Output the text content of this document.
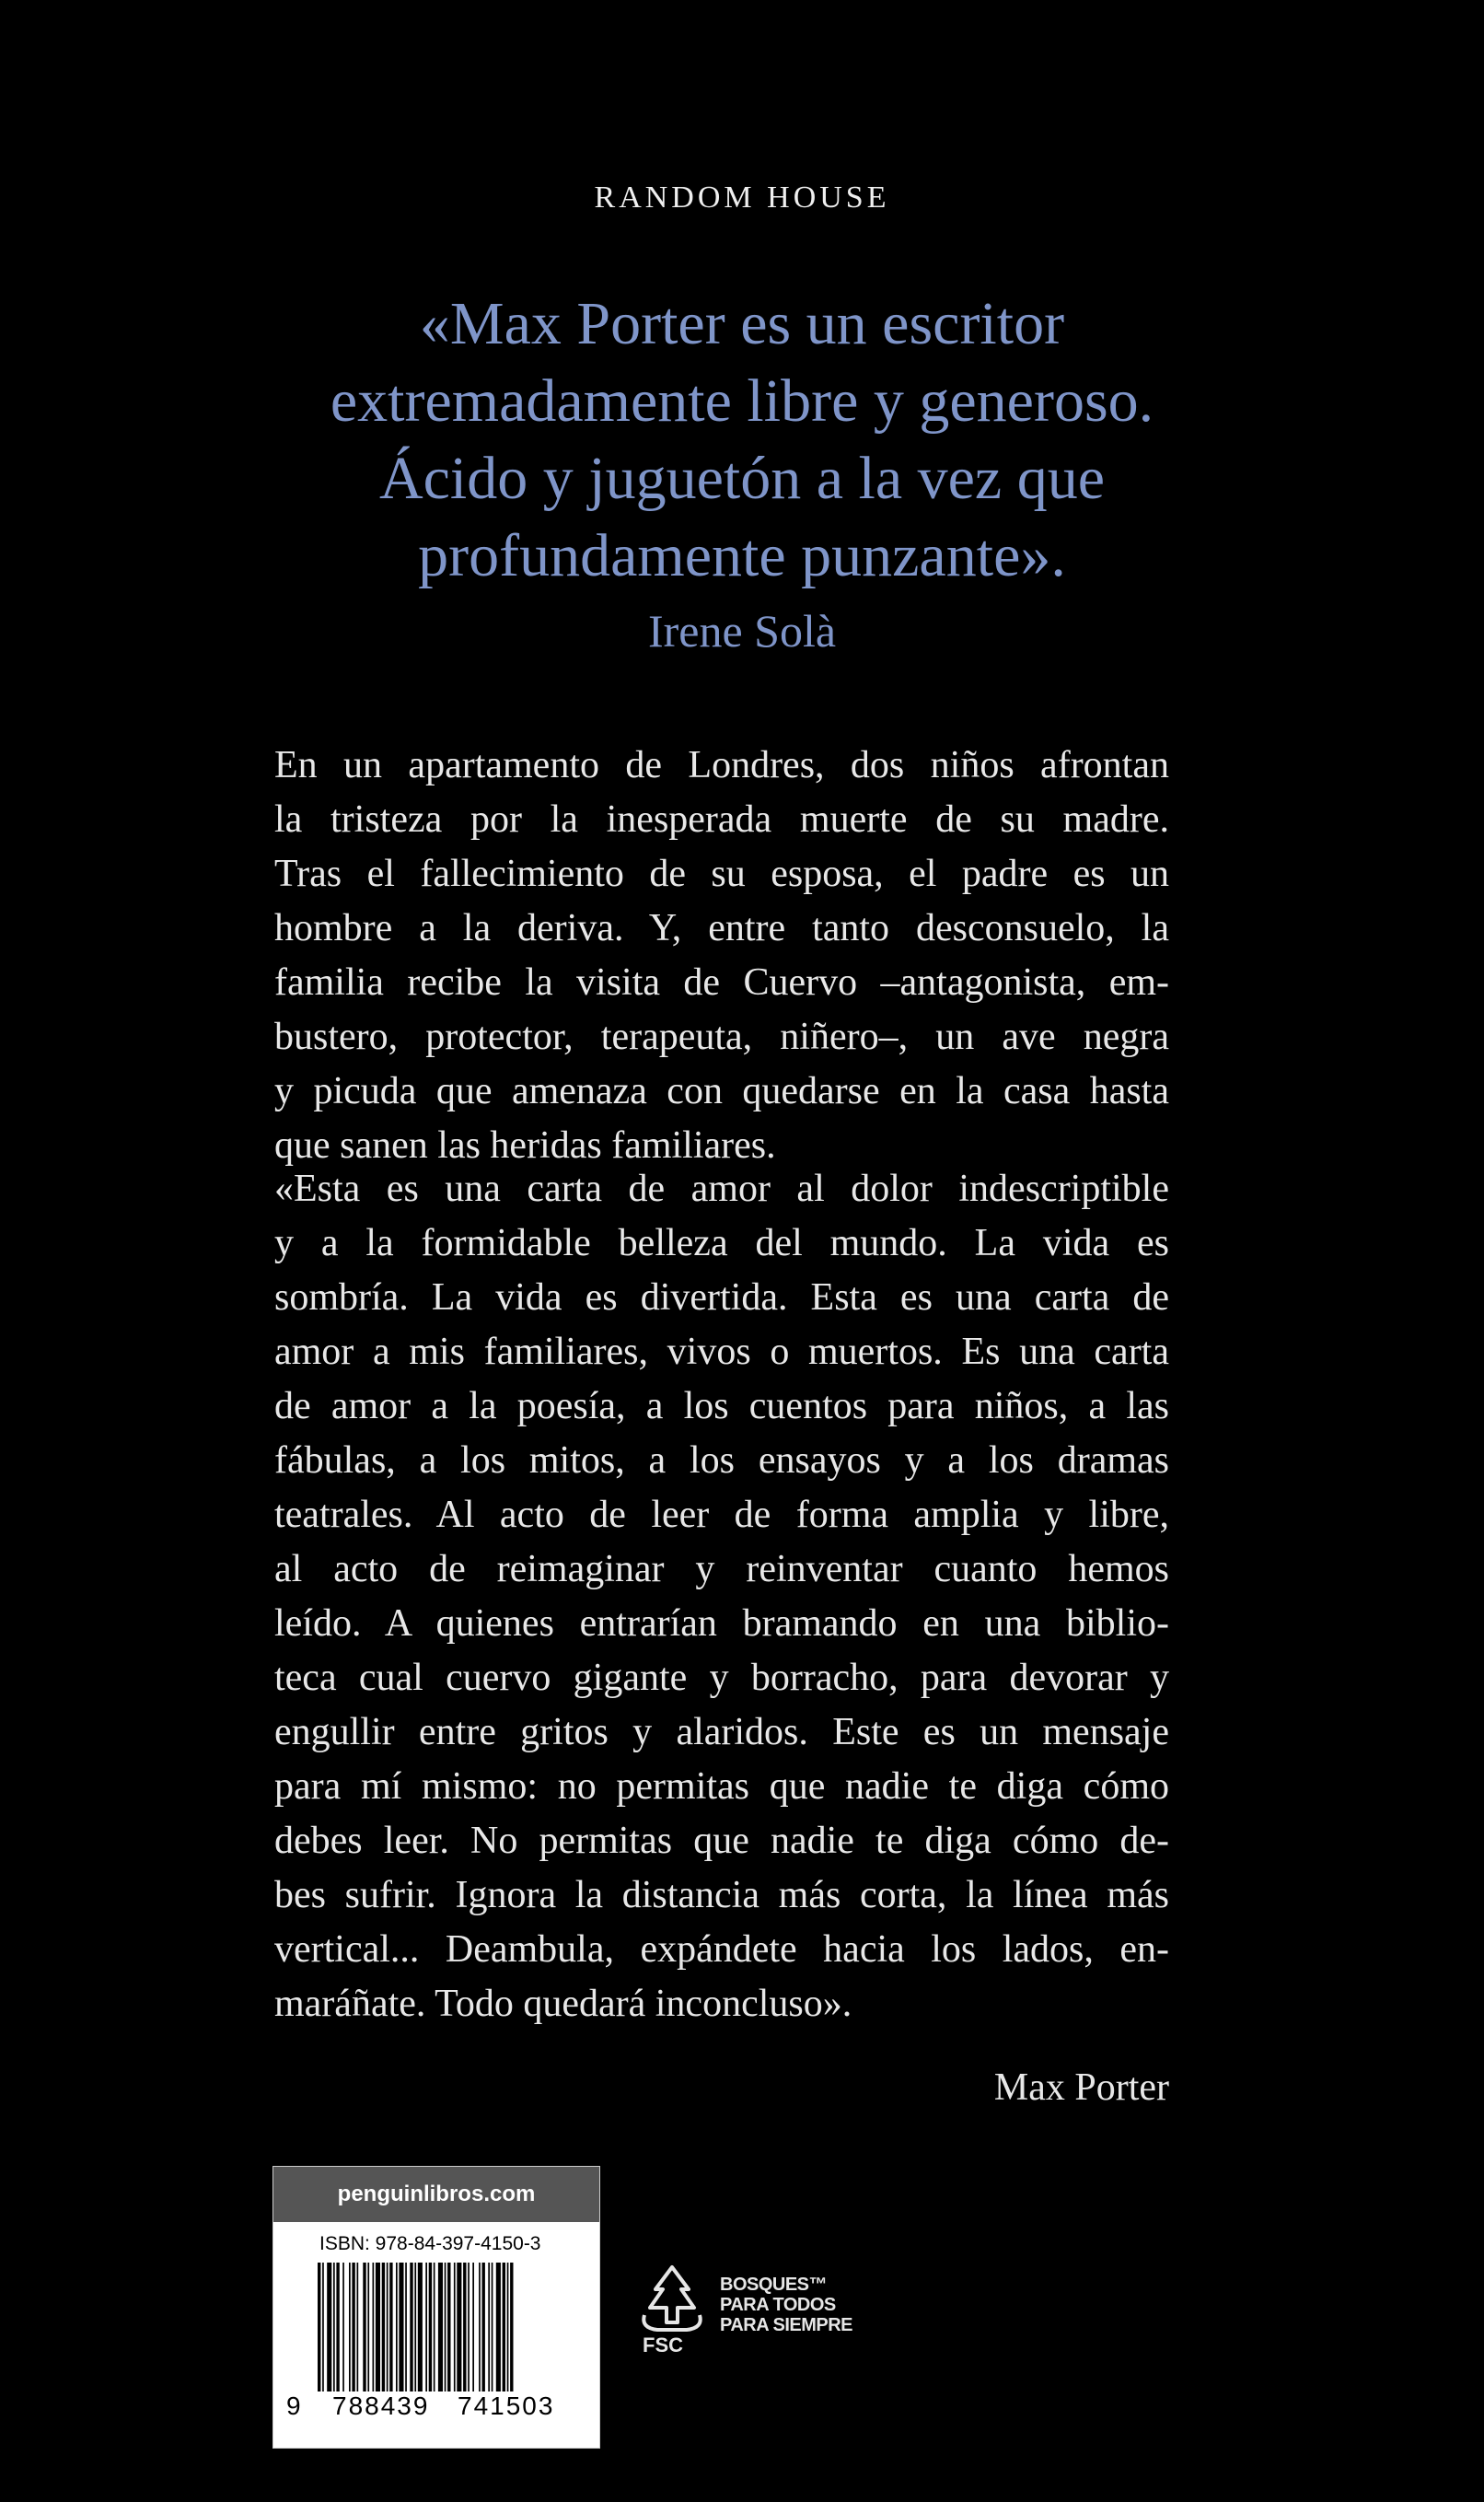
RANDOM HOUSE
«Max Porter es un escritor
extremadamente libre y generoso.
Ácido y juguetón a la vez que
profundamente punzante».
Irene Solà
En un apartamento de Londres, dos niños afrontan
la tristeza por la inesperada muerte de su madre.
Tras el fallecimiento de su esposa, el padre es un
hombre a la deriva. Y, entre tanto desconsuelo, la
familia recibe la visita de Cuervo –antagonista, em-
bustero, protector, terapeuta, niñero–, un ave negra
y picuda que amenaza con quedarse en la casa hasta
que sanen las heridas familiares.
«Esta es una carta de amor al dolor indescriptible
y a la formidable belleza del mundo. La vida es
sombría. La vida es divertida. Esta es una carta de
amor a mis familiares, vivos o muertos. Es una carta
de amor a la poesía, a los cuentos para niños, a las
fábulas, a los mitos, a los ensayos y a los dramas
teatrales. Al acto de leer de forma amplia y libre,
al acto de reimaginar y reinventar cuanto hemos
leído. A quienes entrarían bramando en una biblio-
teca cual cuervo gigante y borracho, para devorar y
engullir entre gritos y alaridos. Este es un mensaje
para mí mismo: no permitas que nadie te diga cómo
debes leer. No permitas que nadie te diga cómo de-
bes sufrir. Ignora la distancia más corta, la línea más
vertical... Deambula, expándete hacia los lados, en-
maráñate. Todo quedará inconcluso».
Max Porter
penguinlibros.com
ISBN: 978-84-397-4150-3
9 788439 741503
FSC
BOSQUES™
PARA TODOS
PARA SIEMPRE
